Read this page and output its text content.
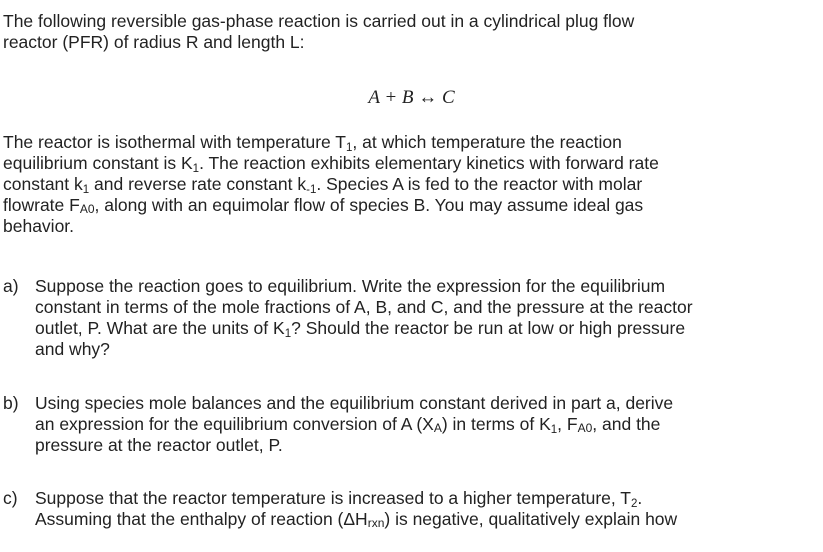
The following reversible gas-phase reaction is carried out in a cylindrical plug flow
reactor (PFR) of radius R and length L:

A + B ↔ C

The reactor is isothermal with temperature $T_1$, at which temperature the reaction
equilibrium constant is $K_1$. The reaction exhibits elementary kinetics with forward rate
constant $k_1$ and reverse rate constant $k_{-1}$. Species A is fed to the reactor with molar
flowrate FA0, along with an equimolar flow of species B. You may assume ideal gas
behavior.

a) Suppose the reaction goes to equilibrium. Write the expression for the equilibrium
constant in terms of the mole fractions of A, B, and C, and the pressure at the reactor
outlet, P. What are the units of $K_1$? Should the reactor be run at low or high pressure
and why?
b) Using species mole balances and the equilibrium constant derived in part a, derive
an expression for the equilibrium conversion of A (XA) in terms of $K_1$, FA0, and the
pressure at the reactor outlet, P.
c) Suppose that the reactor temperature is increased to a higher temperature, $T_2$.
Assuming that the enthalpy of reaction (ΔHrxn) is negative, qualitatively explain how
